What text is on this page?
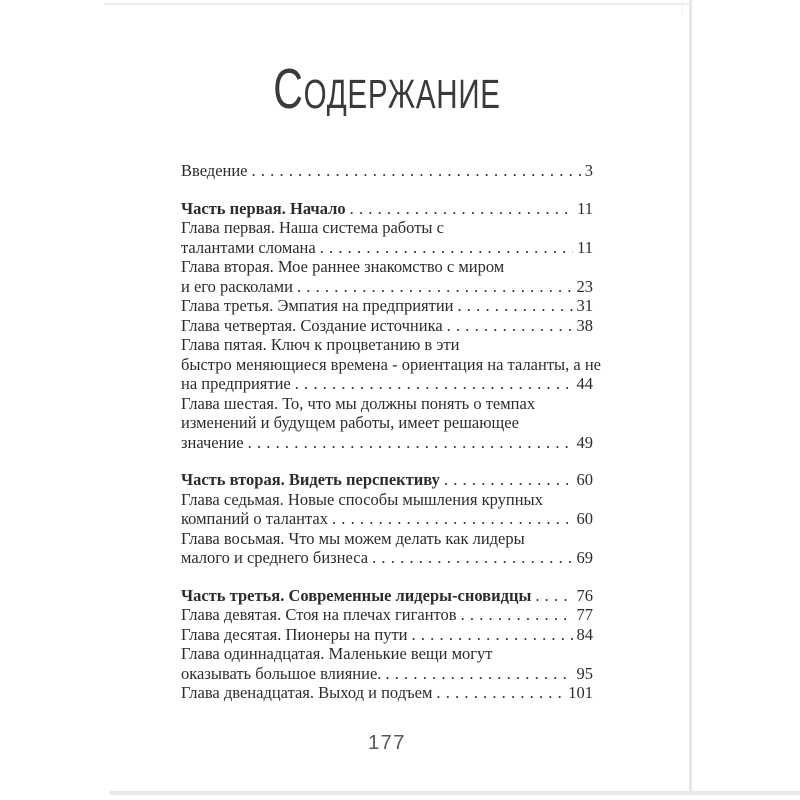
СОДЕРЖАНИЕ
Введение .....	3
Часть первая. Начало .....	11
Глава первая. Наша система работы с
талантами сломана .....	11
Глава вторая. Мое раннее знакомство с миром
и его расколами .....	23
Глава третья. Эмпатия на предприятии .....	31
Глава четвертая. Создание источника .....	38
Глава пятая. Ключ к процветанию в эти
быстро меняющиеся времена - ориентация на таланты, а не
на предприятие .....	44
Глава шестая. То, что мы должны понять о темпах
изменений и будущем работы, имеет решающее
значение .....	49
Часть вторая. Видеть перспективу .....	60
Глава седьмая. Новые способы мышления крупных
компаний о талантах .....	60
Глава восьмая. Что мы можем делать как лидеры
малого и среднего бизнеса .....	69
Часть третья. Современные лидеры-сновидцы .....	76
Глава девятая. Стоя на плечах гигантов .....	77
Глава десятая. Пионеры на пути .....	84
Глава одиннадцатая. Маленькие вещи могут
оказывать большое влияние. .....	95
Глава двенадцатая. Выход и подъем .....	101
177
